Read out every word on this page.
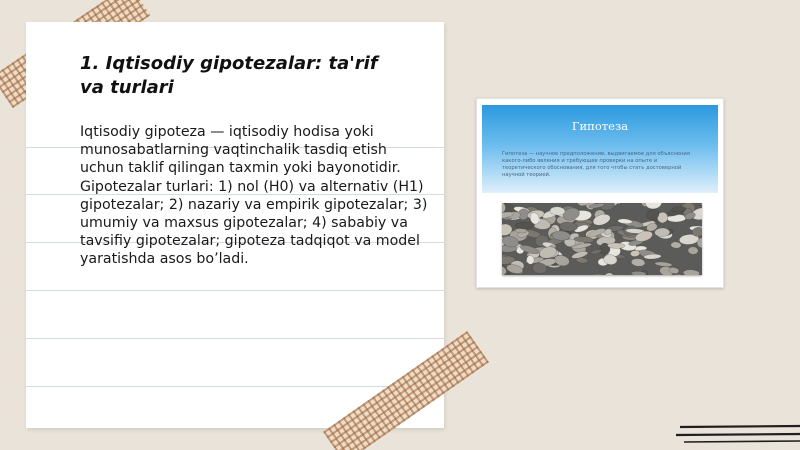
1. Iqtisodiy gipotezalar: ta'rif va turlari

Iqtisodiy gipoteza — iqtisodiy hodisa yoki munosabatlarning vaqtinchalik tasdiq etish uchun taklif qilingan taxmin yoki bayonotidir. Gipotezalar turlari: 1) nol (H0) va alternativ (H1) gipotezalar; 2) nazariy va empirik gipotezalar; 3) umumiy va maxsus gipotezalar; 4) sababiy va tavsifiy gipotezalar; gipoteza tadqiqot va model yaratishda asos bo’ladi.

Гипотеза
Гипотеза — научное предположение, выдвигаемое для объяснения какого-либо явления и требующее проверки на опыте и теоретического обоснования, для того чтобы стать достоверной научной теорией.
